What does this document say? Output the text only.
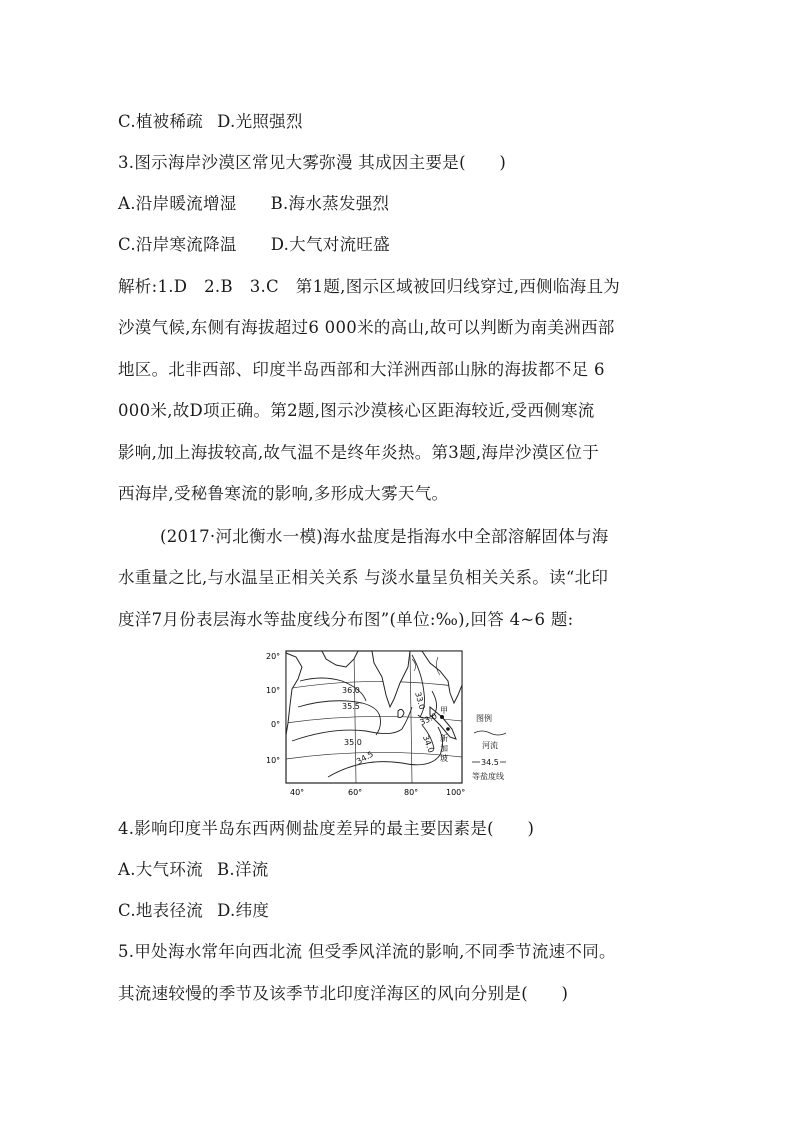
C.植被稀疏 D.光照强烈
3.图示海岸沙漠区常见大雾弥漫 其成因主要是(　　)
A.沿岸暖流增湿 B.海水蒸发强烈
C.沿岸寒流降温 D.大气对流旺盛
解析:1.D　2.B　3.C　第1题,图示区域被回归线穿过,西侧临海且为
沙漠气候,东侧有海拔超过6 000米的高山,故可以判断为南美洲西部
地区。北非西部、印度半岛西部和大洋洲西部山脉的海拔都不足 6
000米,故D项正确。第2题,图示沙漠核心区距海较近,受西侧寒流
影响,加上海拔较高,故气温不是终年炎热。第3题,海岸沙漠区位于
西海岸,受秘鲁寒流的影响,多形成大雾天气。
(2017·河北衡水一模)海水盐度是指海水中全部溶解固体与海
水重量之比,与水温呈正相关关系 与淡水量呈负相关关系。读“北印
度洋7月份表层海水等盐度线分布图”(单位:‰),回答 4~6 题:
20°
10°
0°
10°
40°	60°	80°	100°
36.0
35.5
35.0
34.5
33.0
33.0
34.0
甲
新
加
坡
图例
河流
34.5
等盐度线
4.影响印度半岛东西两侧盐度差异的最主要因素是(　　)
A.大气环流 B.洋流
C.地表径流 D.纬度
5.甲处海水常年向西北流 但受季风洋流的影响,不同季节流速不同。
其流速较慢的季节及该季节北印度洋海区的风向分别是(　　)
